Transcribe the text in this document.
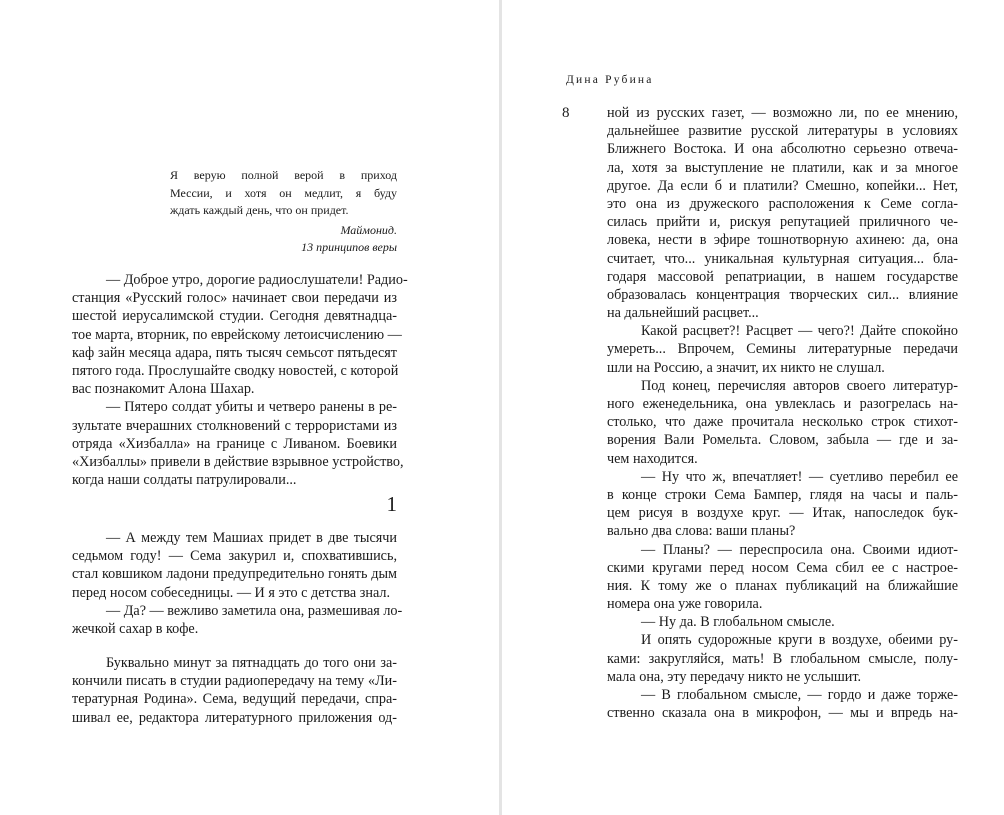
Я верую полной верой в приход
Мессии, и хотя он медлит, я буду
ждать каждый день, что он придет.
Маймонид.
13 принципов веры
— Доброе утро, дорогие радиослушатели! Радио-
станция «Русский голос» начинает свои передачи из
шестой иерусалимской студии. Сегодня девятнадца-
тое марта, вторник, по еврейскому летоисчислению —
каф зайн месяца адара, пять тысяч семьсот пятьдесят
пятого года. Прослушайте сводку новостей, с которой
вас познакомит Алона Шахар.
— Пятеро солдат убиты и четверо ранены в ре-
зультате вчерашних столкновений с террористами из
отряда «Хизбалла» на границе с Ливаном. Боевики
«Хизбаллы» привели в действие взрывное устройство,
когда наши солдаты патрулировали...
1
— А между тем Машиах придет в две тысячи
седьмом году! — Сема закурил и, спохватившись,
стал ковшиком ладони предупредительно гонять дым
перед носом собеседницы. — И я это с детства знал.
— Да? — вежливо заметила она, размешивая ло-
жечкой сахар в кофе.
Буквально минут за пятнадцать до того они за-
кончили писать в студии радиопередачу на тему «Ли-
тературная Родина». Сема, ведущий передачи, спра-
шивал ее, редактора литературного приложения од-
Дина Рубина
8	ной из русских газет, — возможно ли, по ее мнению,
дальнейшее развитие русской литературы в условиях
Ближнего Востока. И она абсолютно серьезно отвеча-
ла, хотя за выступление не платили, как и за многое
другое. Да если б и платили? Смешно, копейки... Нет,
это она из дружеского расположения к Семе согла-
силась прийти и, рискуя репутацией приличного че-
ловека, нести в эфире тошнотворную ахинею: да, она
считает, что... уникальная культурная ситуация... бла-
годаря массовой репатриации, в нашем государстве
образовалась концентрация творческих сил... влияние
на дальнейший расцвет...
Какой расцвет?! Расцвет — чего?! Дайте спокойно
умереть... Впрочем, Семины литературные передачи
шли на Россию, а значит, их никто не слушал.
Под конец, перечисляя авторов своего литератур-
ного еженедельника, она увлеклась и разогрелась на-
столько, что даже прочитала несколько строк стихот-
ворения Вали Ромельта. Словом, забыла — где и за-
чем находится.
— Ну что ж, впечатляет! — суетливо перебил ее
в конце строки Сема Бампер, глядя на часы и паль-
цем рисуя в воздухе круг. — Итак, напоследок бук-
вально два слова: ваши планы?
— Планы? — переспросила она. Своими идиот-
скими кругами перед носом Сема сбил ее с настрое-
ния. К тому же о планах публикаций на ближайшие
номера она уже говорила.
— Ну да. В глобальном смысле.
И опять судорожные круги в воздухе, обеими ру-
ками: закругляйся, мать! В глобальном смысле, полу-
мала она, эту передачу никто не услышит.
— В глобальном смысле, — гордо и даже торже-
ственно сказала она в микрофон, — мы и впредь на-
